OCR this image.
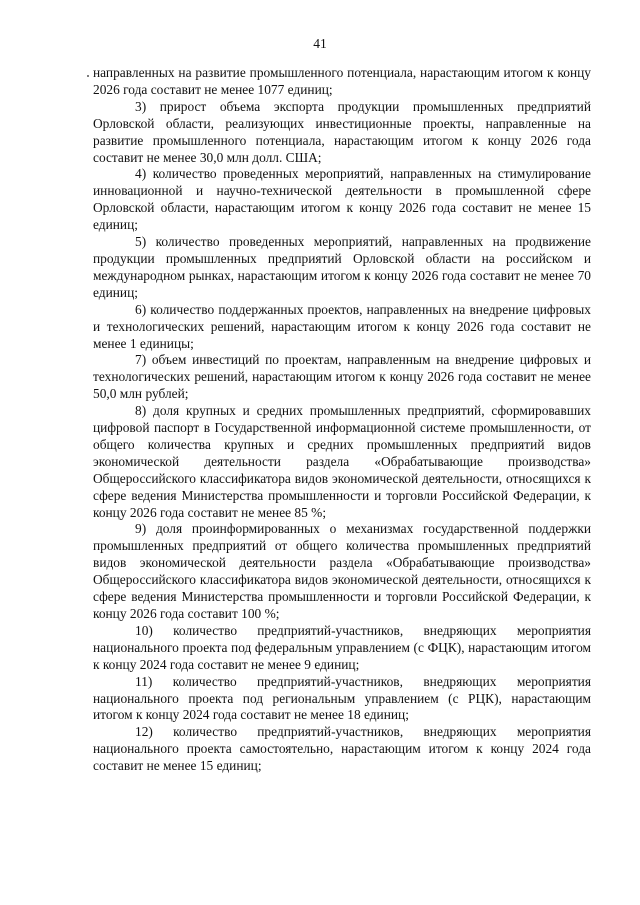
41

направленных на развитие промышленного потенциала, нарастающим итогом к концу 2026 года составит не менее 1077 единиц;

3) прирост объема экспорта продукции промышленных предприятий Орловской области, реализующих инвестиционные проекты, направленные на развитие промышленного потенциала, нарастающим итогом к концу 2026 года составит не менее 30,0 млн долл. США;

4) количество проведенных мероприятий, направленных на стимулирование инновационной и научно-технической деятельности в промышленной сфере Орловской области, нарастающим итогом к концу 2026 года составит не менее 15 единиц;

5) количество проведенных мероприятий, направленных на продвижение продукции промышленных предприятий Орловской области на российском и международном рынках, нарастающим итогом к концу 2026 года составит не менее 70 единиц;

6) количество поддержанных проектов, направленных на внедрение цифровых и технологических решений, нарастающим итогом к концу 2026 года составит не менее 1 единицы;

7) объем инвестиций по проектам, направленным на внедрение цифровых и технологических решений, нарастающим итогом к концу 2026 года составит не менее 50,0 млн рублей;

8) доля крупных и средних промышленных предприятий, сформировавших цифровой паспорт в Государственной информационной системе промышленности, от общего количества крупных и средних промышленных предприятий видов экономической деятельности раздела «Обрабатывающие производства» Общероссийского классификатора видов экономической деятельности, относящихся к сфере ведения Министерства промышленности и торговли Российской Федерации, к концу 2026 года составит не менее 85 %;

9) доля проинформированных о механизмах государственной поддержки промышленных предприятий от общего количества промышленных предприятий видов экономической деятельности раздела «Обрабатывающие производства» Общероссийского классификатора видов экономической деятельности, относящихся к сфере ведения Министерства промышленности и торговли Российской Федерации, к концу 2026 года составит 100 %;

10) количество предприятий-участников, внедряющих мероприятия национального проекта под федеральным управлением (с ФЦК), нарастающим итогом к концу 2024 года составит не менее 9 единиц;

11) количество предприятий-участников, внедряющих мероприятия национального проекта под региональным управлением (с РЦК), нарастающим итогом к концу 2024 года составит не менее 18 единиц;

12) количество предприятий-участников, внедряющих мероприятия национального проекта самостоятельно, нарастающим итогом к концу 2024 года составит не менее 15 единиц;
